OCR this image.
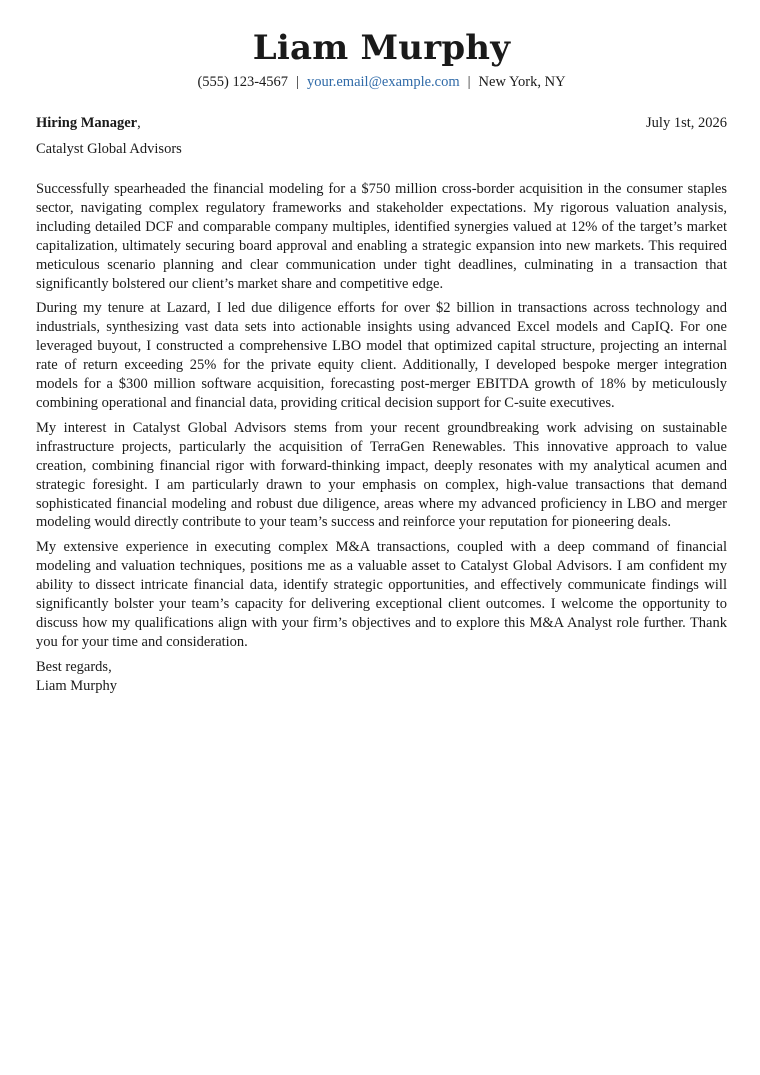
Liam Murphy
(555) 123-4567 | your.email@example.com | New York, NY
Hiring Manager,	July 1st, 2026
Catalyst Global Advisors

Successfully spearheaded the financial modeling for a $750 million cross-border acquisition in the consumer staples sector, navigating complex regulatory frameworks and stakeholder expectations. My rigorous valuation analysis, including detailed DCF and comparable company multiples, identified synergies valued at 12% of the target’s market capitalization, ultimately securing board approval and enabling a strategic expansion into new markets. This required meticulous scenario planning and clear communication under tight deadlines, culminating in a transaction that significantly bolstered our client’s market share and competitive edge.

During my tenure at Lazard, I led due diligence efforts for over $2 billion in transactions across technology and industrials, synthesizing vast data sets into actionable insights using advanced Excel models and CapIQ. For one leveraged buyout, I constructed a comprehensive LBO model that optimized capital structure, projecting an internal rate of return exceeding 25% for the private equity client. Additionally, I developed bespoke merger integration models for a $300 million software acquisition, forecasting post-merger EBITDA growth of 18% by meticulously combining operational and financial data, providing critical decision support for C-suite executives.

My interest in Catalyst Global Advisors stems from your recent groundbreaking work advising on sustainable infrastructure projects, particularly the acquisition of TerraGen Renewables. This innovative approach to value creation, combining financial rigor with forward-thinking impact, deeply resonates with my analytical acumen and strategic foresight. I am particularly drawn to your emphasis on complex, high-value transactions that demand sophisticated financial modeling and robust due diligence, areas where my advanced proficiency in LBO and merger modeling would directly contribute to your team’s success and reinforce your reputation for pioneering deals.

My extensive experience in executing complex M&A transactions, coupled with a deep command of financial modeling and valuation techniques, positions me as a valuable asset to Catalyst Global Advisors. I am confident my ability to dissect intricate financial data, identify strategic opportunities, and effectively communicate findings will significantly bolster your team’s capacity for delivering exceptional client outcomes. I welcome the opportunity to discuss how my qualifications align with your firm’s objectives and to explore this M&A Analyst role further. Thank you for your time and consideration.

Best regards,
Liam Murphy
